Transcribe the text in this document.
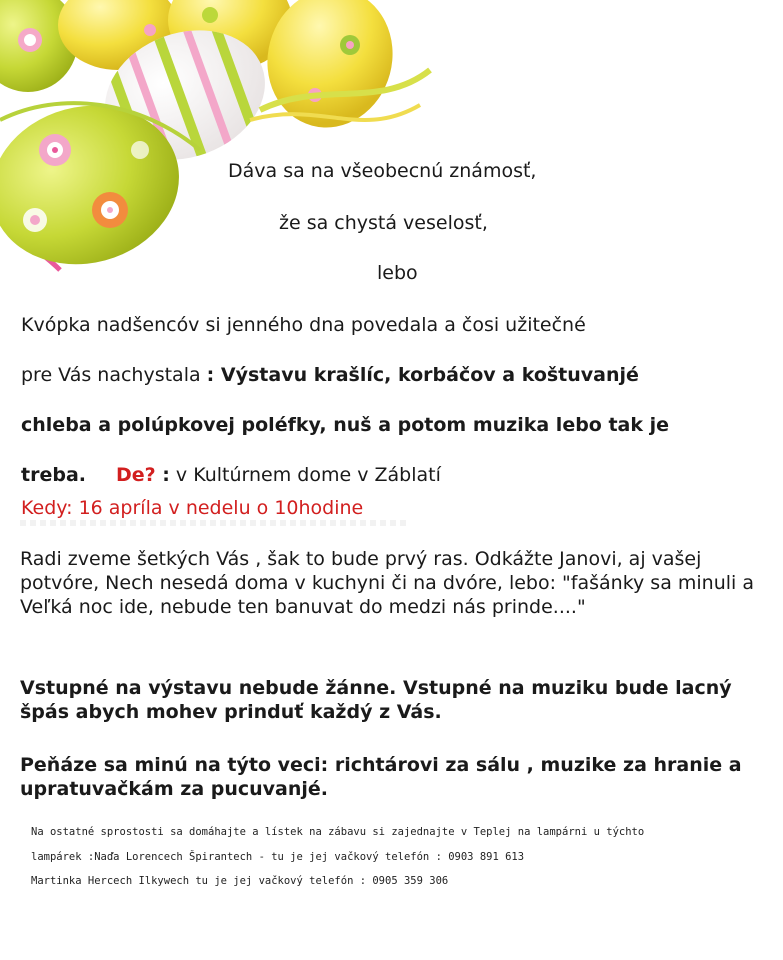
Dáva sa na všeobecnú známosť,
že sa chystá veselosť,
lebo
Kvópka nadšencóv si jenného dna povedala a čosi užitečné
pre Vás nachystala : Výstavu krašlíc, korbáčov a koštuvanjé
chleba a polúpkovej poléfky, nuš a potom muzika lebo tak je
treba. De? : v Kultúrnem dome v Záblatí
Kedy: 16 apríla v nedelu o 10hodine
Radi zveme šetkých Vás , šak to bude prvý ras. Odkážte Janovi, aj vašej potvóre, Nech nesedá doma v kuchyni či na dvóre, lebo: "fašánky sa minuli a Veľká noc ide, nebude ten banuvat do medzi nás prinde...."
Vstupné na výstavu nebude žánne. Vstupné na muziku bude lacný špás abych mohev prinduť každý z Vás.
Peňáze sa minú na týto veci: richtárovi za sálu , muzike za hranie a upratuvačkám za pucuvanjé.
Na ostatné sprostosti sa domáhajte a lístek na zábavu si zajednajte v Teplej na lampárni u týchto
lampárek :Naďa Lorencech Špirantech - tu je jej vačkový telefón : 0903 891 613
Martinka Hercech Ilkywech tu je jej vačkový telefón : 0905 359 306
